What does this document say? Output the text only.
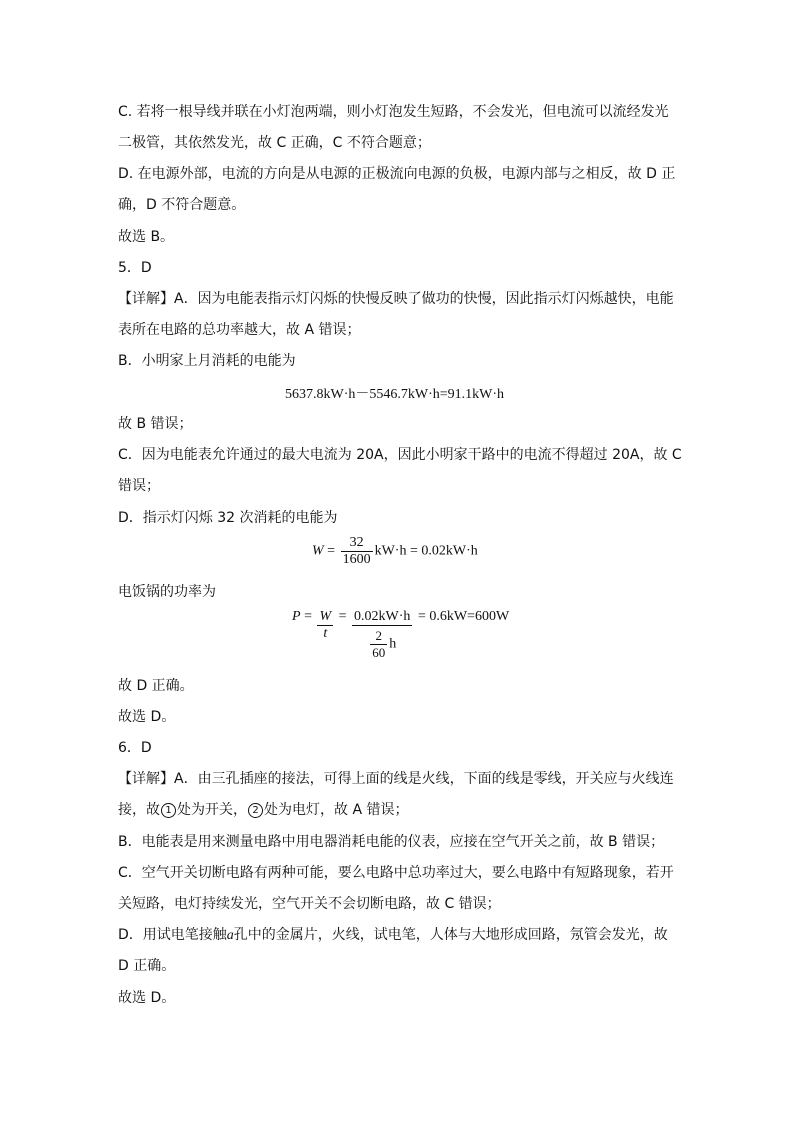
C. 若将一根导线并联在小灯泡两端，则小灯泡发生短路，不会发光，但电流可以流经发光
二极管，其依然发光，故 C 正确，C 不符合题意；
D. 在电源外部，电流的方向是从电源的正极流向电源的负极，电源内部与之相反，故 D 正
确，D 不符合题意。
故选 B。
5．D
【详解】A．因为电能表指示灯闪烁的快慢反映了做功的快慢，因此指示灯闪烁越快，电能
表所在电路的总功率越大，故 A 错误；
B．小明家上月消耗的电能为
5637.8kW·h－5546.7kW·h=91.1kW·h
故 B 错误；
C．因为电能表允许通过的最大电流为 20A，因此小明家干路中的电流不得超过 20A，故 C
错误；
D．指示灯闪烁 32 次消耗的电能为
$W = \frac{32}{1600} kW\cdot h = 0.02kW\cdot h$
电饭锅的功率为
$P = \frac{W}{t} = \frac{0.02kW\cdot h}{\frac{2}{60} h} = 0.6kW=600W$
故 D 正确。
故选 D。
6．D
【详解】A．由三孔插座的接法，可得上面的线是火线，下面的线是零线，开关应与火线连
接，故 1 处为开关， 2 处为电灯，故 A 错误；
B．电能表是用来测量电路中用电器消耗电能的仪表，应接在空气开关之前，故 B 错误；
C．空气开关切断电路有两种可能，要么电路中总功率过大，要么电路中有短路现象，若开
关短路，电灯持续发光，空气开关不会切断电路，故 C 错误；
D．用试电笔接触a孔中的金属片，火线，试电笔，人体与大地形成回路，氖管会发光，故
D 正确。
故选 D。
